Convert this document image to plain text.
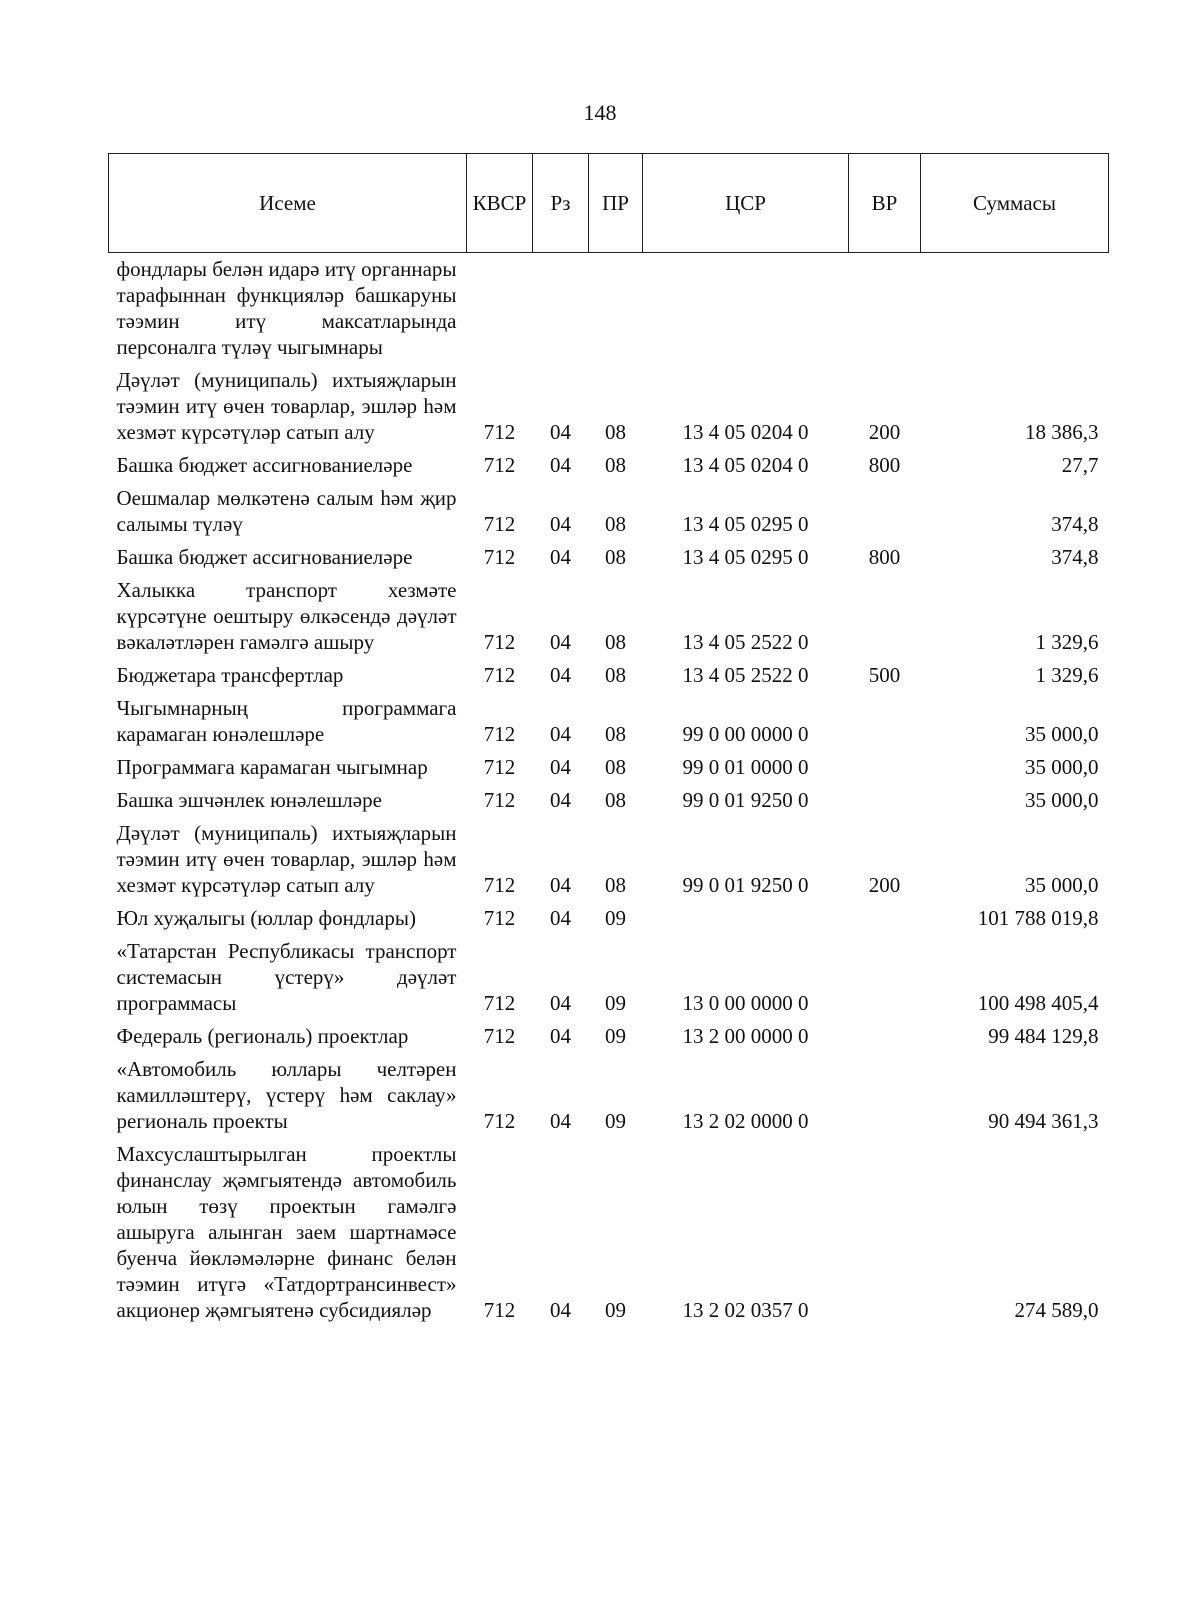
148
Исеме	КВСР	Рз	ПР	ЦСР	ВР	Суммасы
фондлары белән идарә итү органнары тарафыннан функцияләр башкаруны тәэмин итү максатларында персоналга түләү чыгымнары						
Дәүләт (муниципаль) ихтыяҗларын тәэмин итү өчен товарлар, эшләр һәм хезмәт күрсәтүләр сатып алу	712	04	08	13 4 05 0204 0	200	18 386,3
Башка бюджет ассигнованиеләре	712	04	08	13 4 05 0204 0	800	27,7
Оешмалар мөлкәтенә салым һәм җир салымы түләү	712	04	08	13 4 05 0295 0		374,8
Башка бюджет ассигнованиеләре	712	04	08	13 4 05 0295 0	800	374,8
Халыкка транспорт хезмәте күрсәтүне оештыру өлкәсендә дәүләт вәкаләтләрен гамәлгә ашыру	712	04	08	13 4 05 2522 0		1 329,6
Бюджетара трансфертлар	712	04	08	13 4 05 2522 0	500	1 329,6
Чыгымнарның программага карамаган юнәлешләре	712	04	08	99 0 00 0000 0		35 000,0
Программага карамаган чыгымнар	712	04	08	99 0 01 0000 0		35 000,0
Башка эшчәнлек юнәлешләре	712	04	08	99 0 01 9250 0		35 000,0
Дәүләт (муниципаль) ихтыяҗларын тәэмин итү өчен товарлар, эшләр һәм хезмәт күрсәтүләр сатып алу	712	04	08	99 0 01 9250 0	200	35 000,0
Юл хуҗалыгы (юллар фондлары)	712	04	09			101 788 019,8
«Татарстан Республикасы транспорт системасын үстерү» дәүләт программасы	712	04	09	13 0 00 0000 0		100 498 405,4
Федераль (региональ) проектлар	712	04	09	13 2 00 0000 0		99 484 129,8
«Автомобиль юллары челтәрен камилләштерү, үстерү һәм саклау» региональ проекты	712	04	09	13 2 02 0000 0		90 494 361,3
Махсуслаштырылган проектлы финанслау җәмгыятендә автомобиль юлын төзү проектын гамәлгә ашыруга алынган заем шартнамәсе буенча йөкләмәләрне финанс белән тәэмин итүгә «Татдортрансинвест» акционер җәмгыятенә субсидияләр	712	04	09	13 2 02 0357 0		274 589,0
